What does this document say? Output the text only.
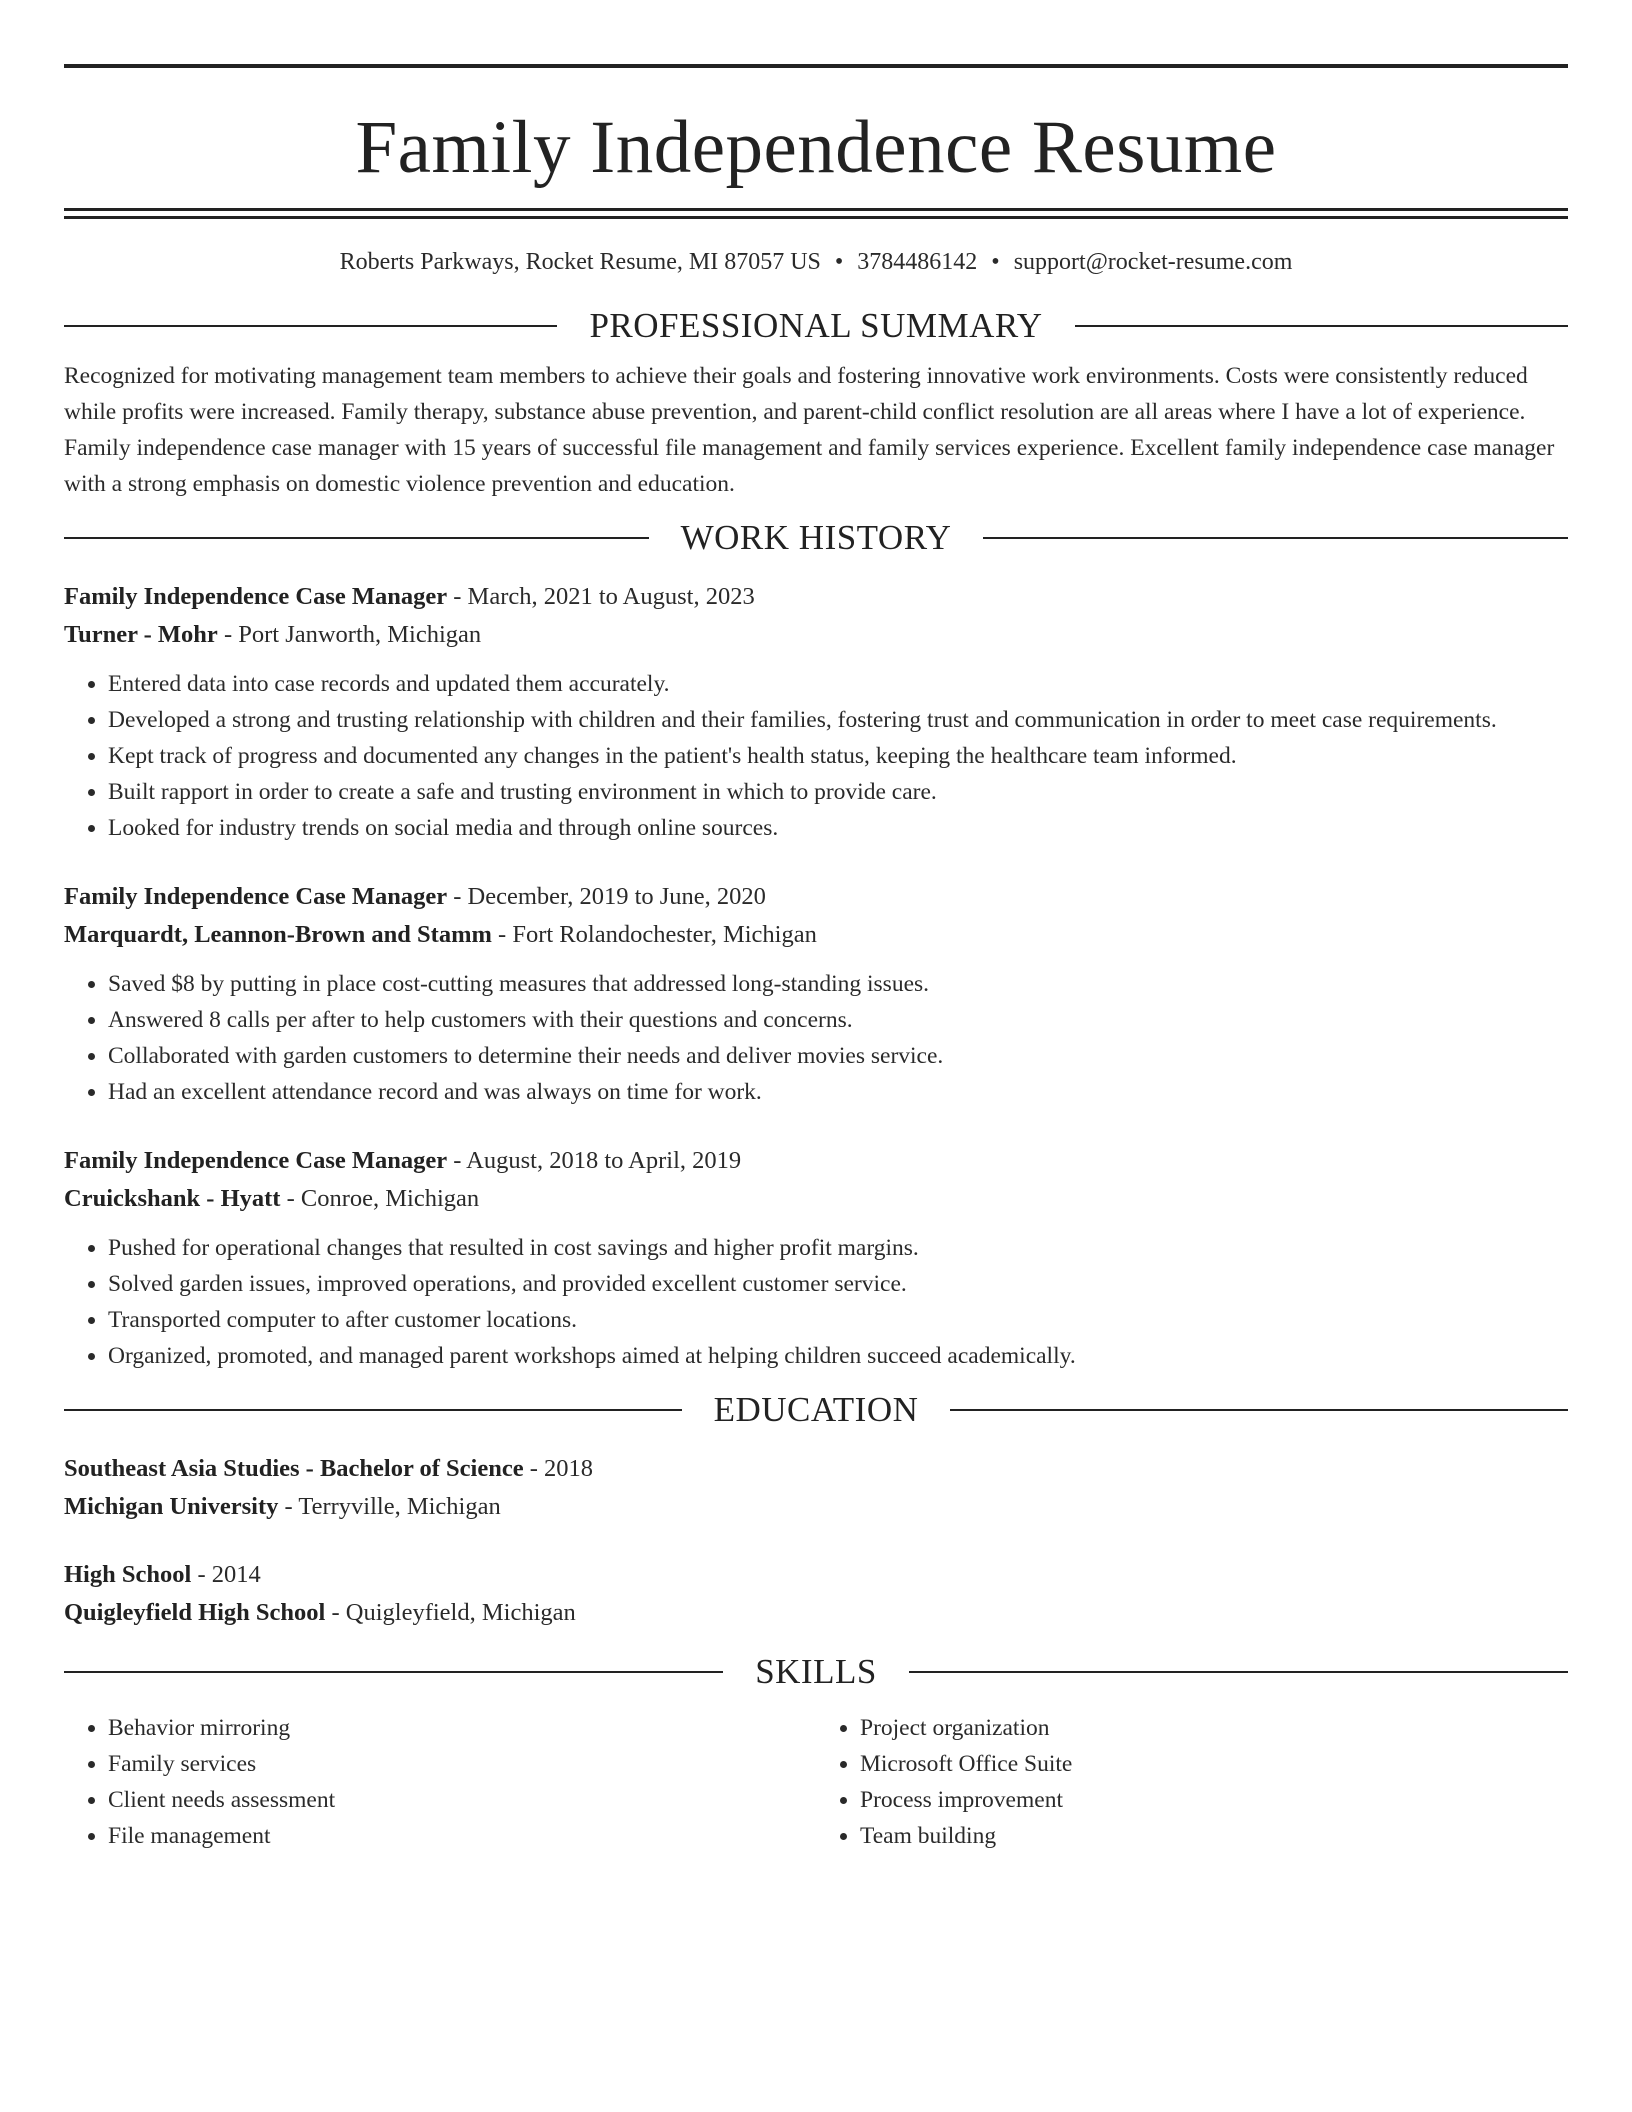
Family Independence Resume
Roberts Parkways, Rocket Resume, MI 87057 US • 3784486142 • support@rocket-resume.com
PROFESSIONAL SUMMARY
Recognized for motivating management team members to achieve their goals and fostering innovative work environments. Costs were consistently reduced while profits were increased. Family therapy, substance abuse prevention, and parent-child conflict resolution are all areas where I have a lot of experience. Family independence case manager with 15 years of successful file management and family services experience. Excellent family independence case manager with a strong emphasis on domestic violence prevention and education.
WORK HISTORY
Family Independence Case Manager - March, 2021 to August, 2023
Turner - Mohr - Port Janworth, Michigan
• Entered data into case records and updated them accurately.
• Developed a strong and trusting relationship with children and their families, fostering trust and communication in order to meet case requirements.
• Kept track of progress and documented any changes in the patient's health status, keeping the healthcare team informed.
• Built rapport in order to create a safe and trusting environment in which to provide care.
• Looked for industry trends on social media and through online sources.
Family Independence Case Manager - December, 2019 to June, 2020
Marquardt, Leannon-Brown and Stamm - Fort Rolandochester, Michigan
• Saved $8 by putting in place cost-cutting measures that addressed long-standing issues.
• Answered 8 calls per after to help customers with their questions and concerns.
• Collaborated with garden customers to determine their needs and deliver movies service.
• Had an excellent attendance record and was always on time for work.
Family Independence Case Manager - August, 2018 to April, 2019
Cruickshank - Hyatt - Conroe, Michigan
• Pushed for operational changes that resulted in cost savings and higher profit margins.
• Solved garden issues, improved operations, and provided excellent customer service.
• Transported computer to after customer locations.
• Organized, promoted, and managed parent workshops aimed at helping children succeed academically.
EDUCATION
Southeast Asia Studies - Bachelor of Science - 2018
Michigan University - Terryville, Michigan
High School - 2014
Quigleyfield High School - Quigleyfield, Michigan
SKILLS
• Behavior mirroring
• Family services
• Client needs assessment
• File management
• Project organization
• Microsoft Office Suite
• Process improvement
• Team building
